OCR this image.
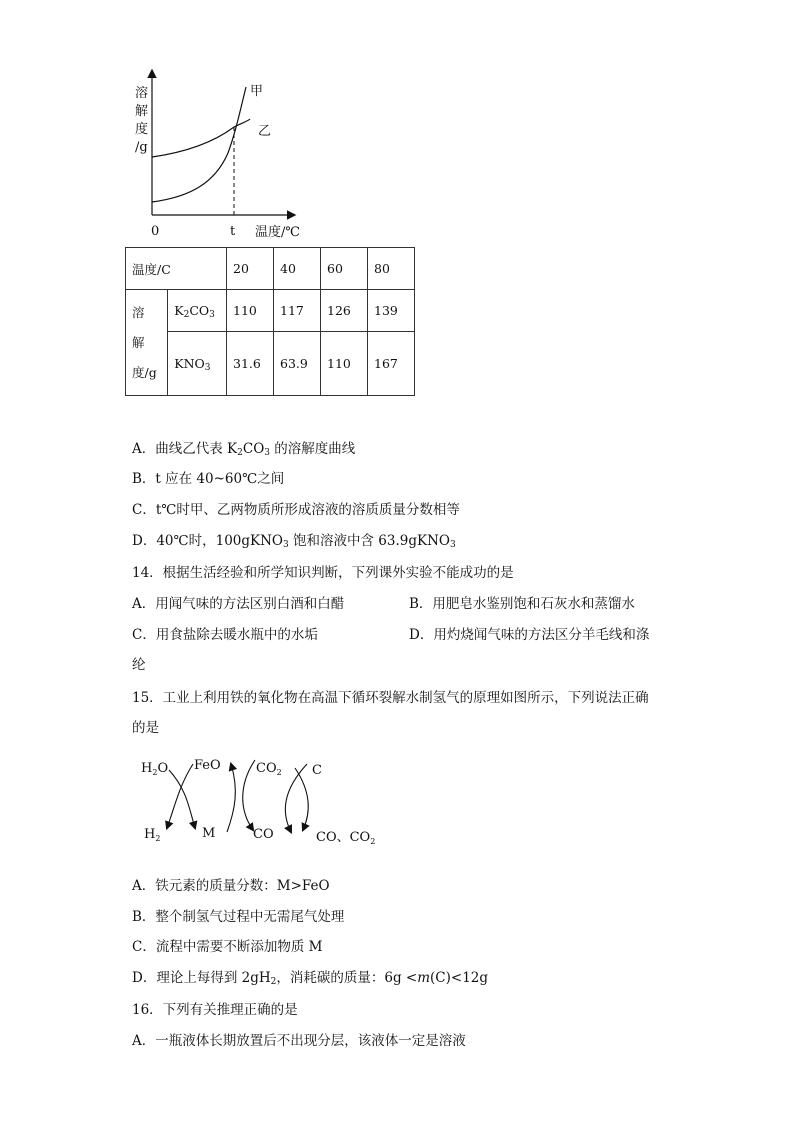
溶
解
度
/g
0	t 温度/℃
甲
乙
温度/C		20	40	60	80
溶
解
度/g	$K_2CO_3$	110	117	126	139
	$KNO_3$	31.6	63.9	110	167
A．曲线乙代表 $K_2CO_3$ 的溶解度曲线
B．t 应在 40~60℃之间
C．t℃时甲、乙两物质所形成溶液的溶质质量分数相等
D．40℃时，100gKNO$_3$ 饱和溶液中含 63.9gKNO$_3$
14．根据生活经验和所学知识判断，下列课外实验不能成功的是
A．用闻气味的方法区别白酒和白醋	B．用肥皂水鉴别饱和石灰水和蒸馏水
C．用食盐除去暖水瓶中的水垢	D．用灼烧闻气味的方法区分羊毛线和涤
纶
15．工业上利用铁的氧化物在高温下循环裂解水制氢气的原理如图所示，下列说法正确
的是
$H_2O$ FeO	$CO_2$ C
$H_2$	M	CO	CO、$CO_2$
A．铁元素的质量分数：M>FeO
B．整个制氢气过程中无需尾气处理
C．流程中需要不断添加物质 M
D．理论上每得到 $2gH_2$，消耗碳的质量：6g <m(C)<12g
16．下列有关推理正确的是
A．一瓶液体长期放置后不出现分层，该液体一定是溶液
